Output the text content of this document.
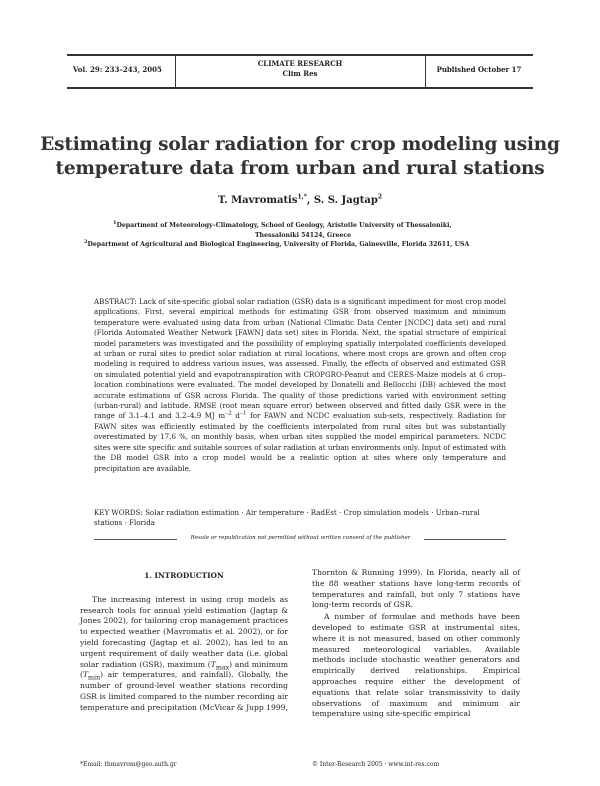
Vol. 29: 233–243, 2005
CLIMATE RESEARCH
Clim Res	Published October 17
Estimating solar radiation for crop modeling using
temperature data from urban and rural stations
T. Mavromatis$^{1,*}$, S. S. Jagtap$^2$
$^1$Department of Meteorology–Climatology, School of Geology, Aristotle University of Thessaloniki,
Thessaloniki 54124, Greece
$^2$Department of Agricultural and Biological Engineering, University of Florida, Gainesville, Florida 32611, USA
ABSTRACT: Lack of site-specific global solar radiation (GSR) data is a significant impediment for most crop model applications. First, several empirical methods for estimating GSR from observed maximum and minimum temperature were evaluated using data from urban (National Climatic Data Center [NCDC] data set) and rural (Florida Automated Weather Network [FAWN] data set) sites in Florida. Next, the spatial structure of empirical model parameters was investigated and the possibility of employing spatially interpolated coefficients developed at urban or rural sites to predict solar radiation at rural locations, where most crops are grown and often crop modeling is required to address various issues, was assessed. Finally, the effects of observed and estimated GSR on simulated potential yield and evapotranspiration with CROPGRO-Peanut and CERES-Maize models at 6 crop–location combinations were evaluated. The model developed by Donatelli and Bellocchi (DB) achieved the most accurate estimations of GSR across Florida. The quality of those predictions varied with environment setting (urban-rural) and latitude. RMSE (root mean square error) between observed and fitted daily GSR were in the range of 3.1–4.1 and 3.2–4.9 MJ $m^{-2}$ $d^{-1}$ for FAWN and NCDC evaluation sub-sets, respectively. Radiation for FAWN sites was efficiently estimated by the coefficients interpolated from rural sites but was substantially overestimated by 17.6 %, on monthly basis, when urban sites supplied the model empirical parameters. NCDC sites were site specific and suitable sources of solar radiation at urban environments only. Input of estimated with the DB model GSR into a crop model would be a realistic option at sites where only temperature and precipitation are available.
KEY WORDS: Solar radiation estimation · Air temperature · RadEst · Crop simulation models · Urban–rural stations · Florida
Resale or republication not permitted without written consent of the publisher
1. INTRODUCTION

The increasing interest in using crop models as research tools for annual yield estimation (Jagtap & Jones 2002), for tailoring crop management practices to expected weather (Mavromatis et al. 2002), or for yield forecasting (Jagtap et al. 2002), has led to an urgent requirement of daily weather data (i.e. global solar radiation (GSR), maximum $(T_{max})$ and minimum $(T_{min})$ air temperatures, and rainfall). Globally, the number of ground-level weather stations recording GSR is limited compared to the number recording air temperature and precipitation (McVicar & Jupp 1999,

Thornton & Running 1999). In Florida, nearly all of the 88 weather stations have long-term records of temperatures and rainfall, but only 7 stations have long-term records of GSR.

A number of formulae and methods have been developed to estimate GSR at instrumental sites, where it is not measured, based on other commonly measured meteorological variables. Available methods include stochastic weather generators and empirically derived relationships. Empirical approaches require either the development of equations that relate solar transmissivity to daily observations of maximum and minimum air temperature using site-specific empirical

*Email: thmavrom@geo.auth.gr	© Inter-Research 2005 · www.int-res.com
